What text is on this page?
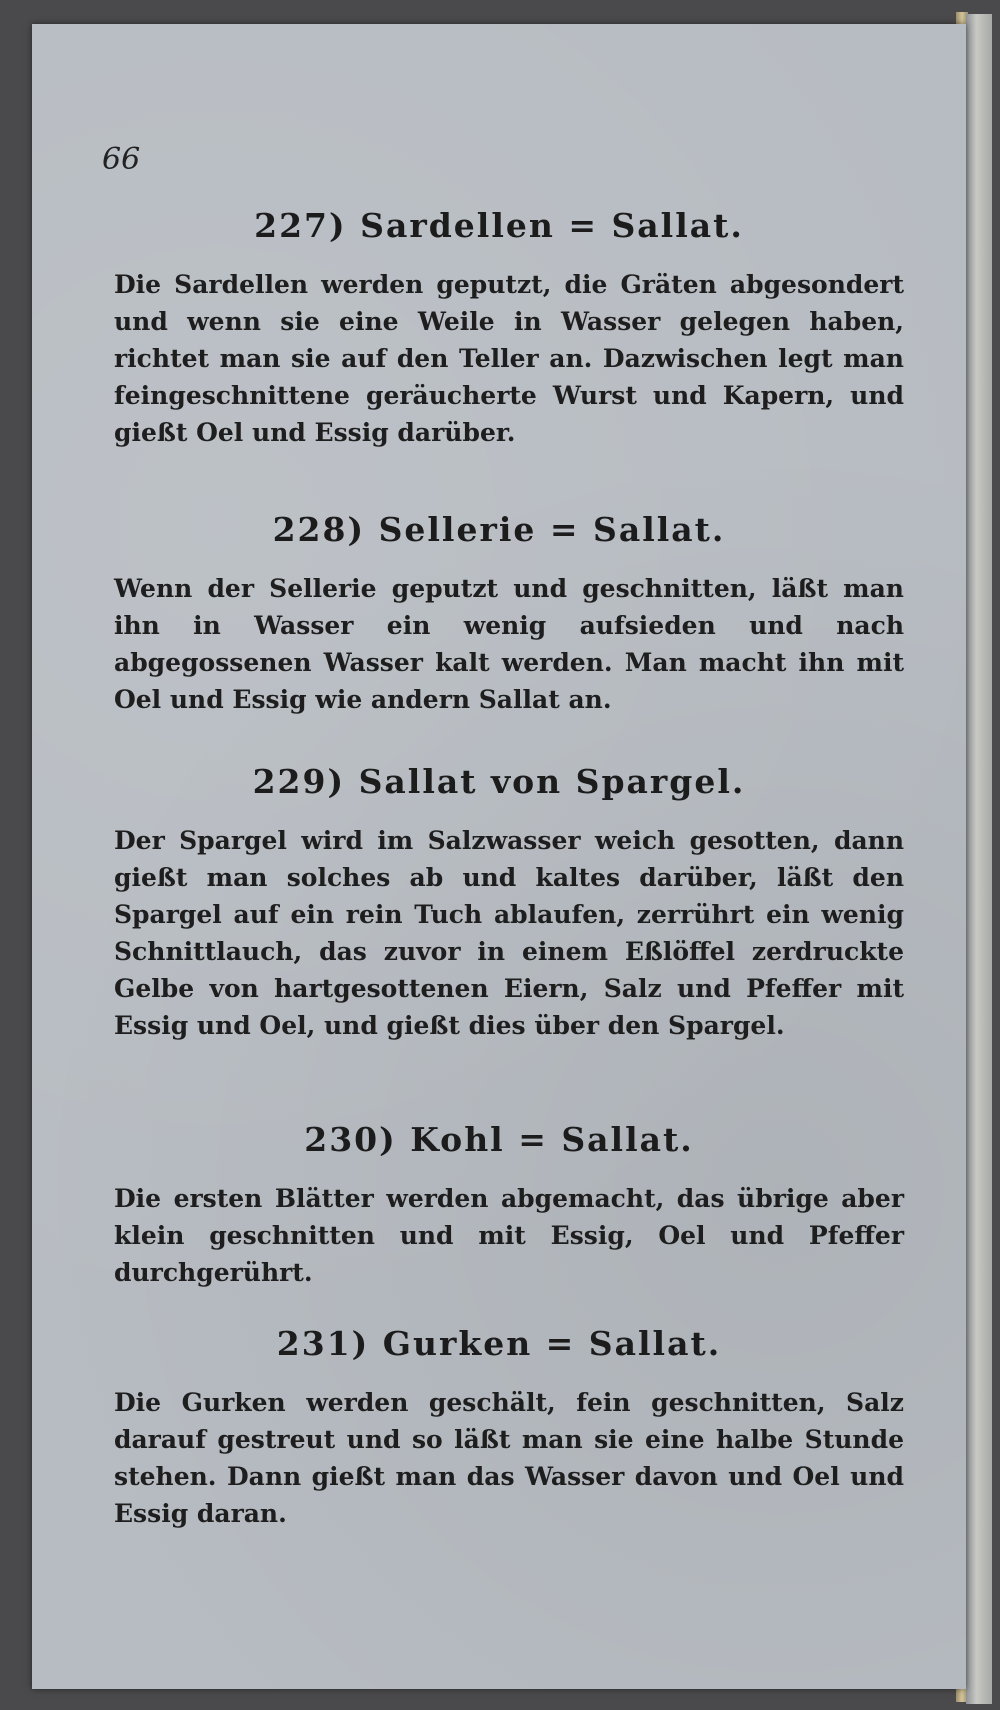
66
227) Sardellen = Sallat.
Die Sardellen werden geputzt, die Gräten abgesondert und wenn sie eine Weile in Wasser gelegen haben, richtet man sie auf den Teller an. Dazwischen legt man feingeschnittene geräucherte Wurst und Kapern, und gießt Oel und Essig darüber.
228) Sellerie = Sallat.
Wenn der Sellerie geputzt und geschnitten, läßt man ihn in Wasser ein wenig aufsieden und nach abgegossenen Wasser kalt werden. Man macht ihn mit Oel und Essig wie andern Sallat an.
229) Sallat von Spargel.
Der Spargel wird im Salzwasser weich gesotten, dann gießt man solches ab und kaltes darüber, läßt den Spargel auf ein rein Tuch ablaufen, zerrührt ein wenig Schnittlauch, das zuvor in einem Eßlöffel zerdruckte Gelbe von hartgesottenen Eiern, Salz und Pfeffer mit Essig und Oel, und gießt dies über den Spargel.
230) Kohl = Sallat.
Die ersten Blätter werden abgemacht, das übrige aber klein geschnitten und mit Essig, Oel und Pfeffer durchgerührt.
231) Gurken = Sallat.
Die Gurken werden geschält, fein geschnitten, Salz darauf gestreut und so läßt man sie eine halbe Stunde stehen. Dann gießt man das Wasser davon und Oel und Essig daran.
